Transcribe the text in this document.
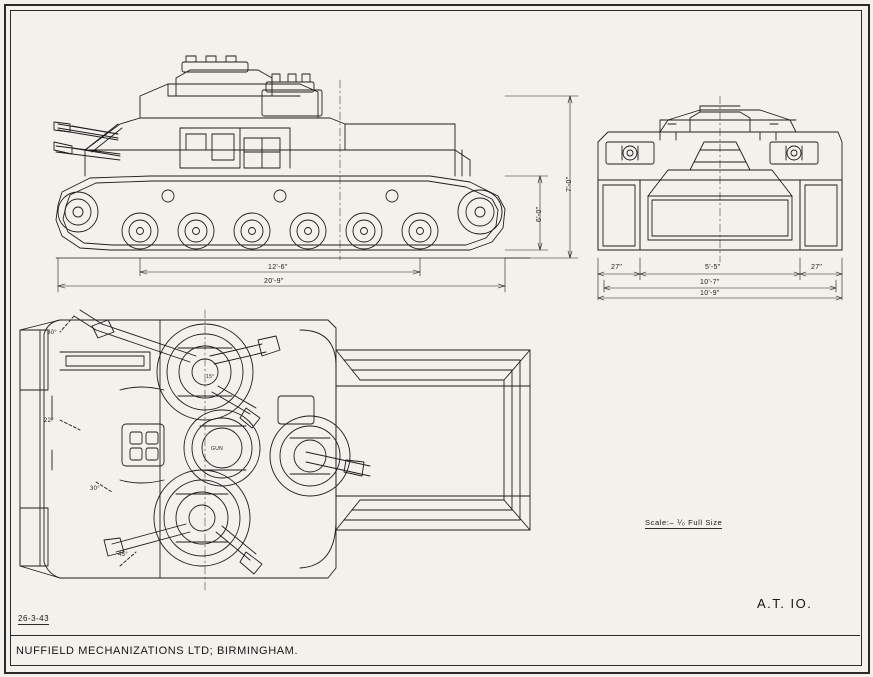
12'-6"
20'-9"
6'-0"
7'-0"
27"	5'-5"	27"
10'-7"
10'-9"
30°
22°
30°
45°
15°
GUN
Scale:– ⅟₀ Full Size
A.T. IO.
26-3-43
NUFFIELD MECHANIZATIONS LTD; BIRMINGHAM.
